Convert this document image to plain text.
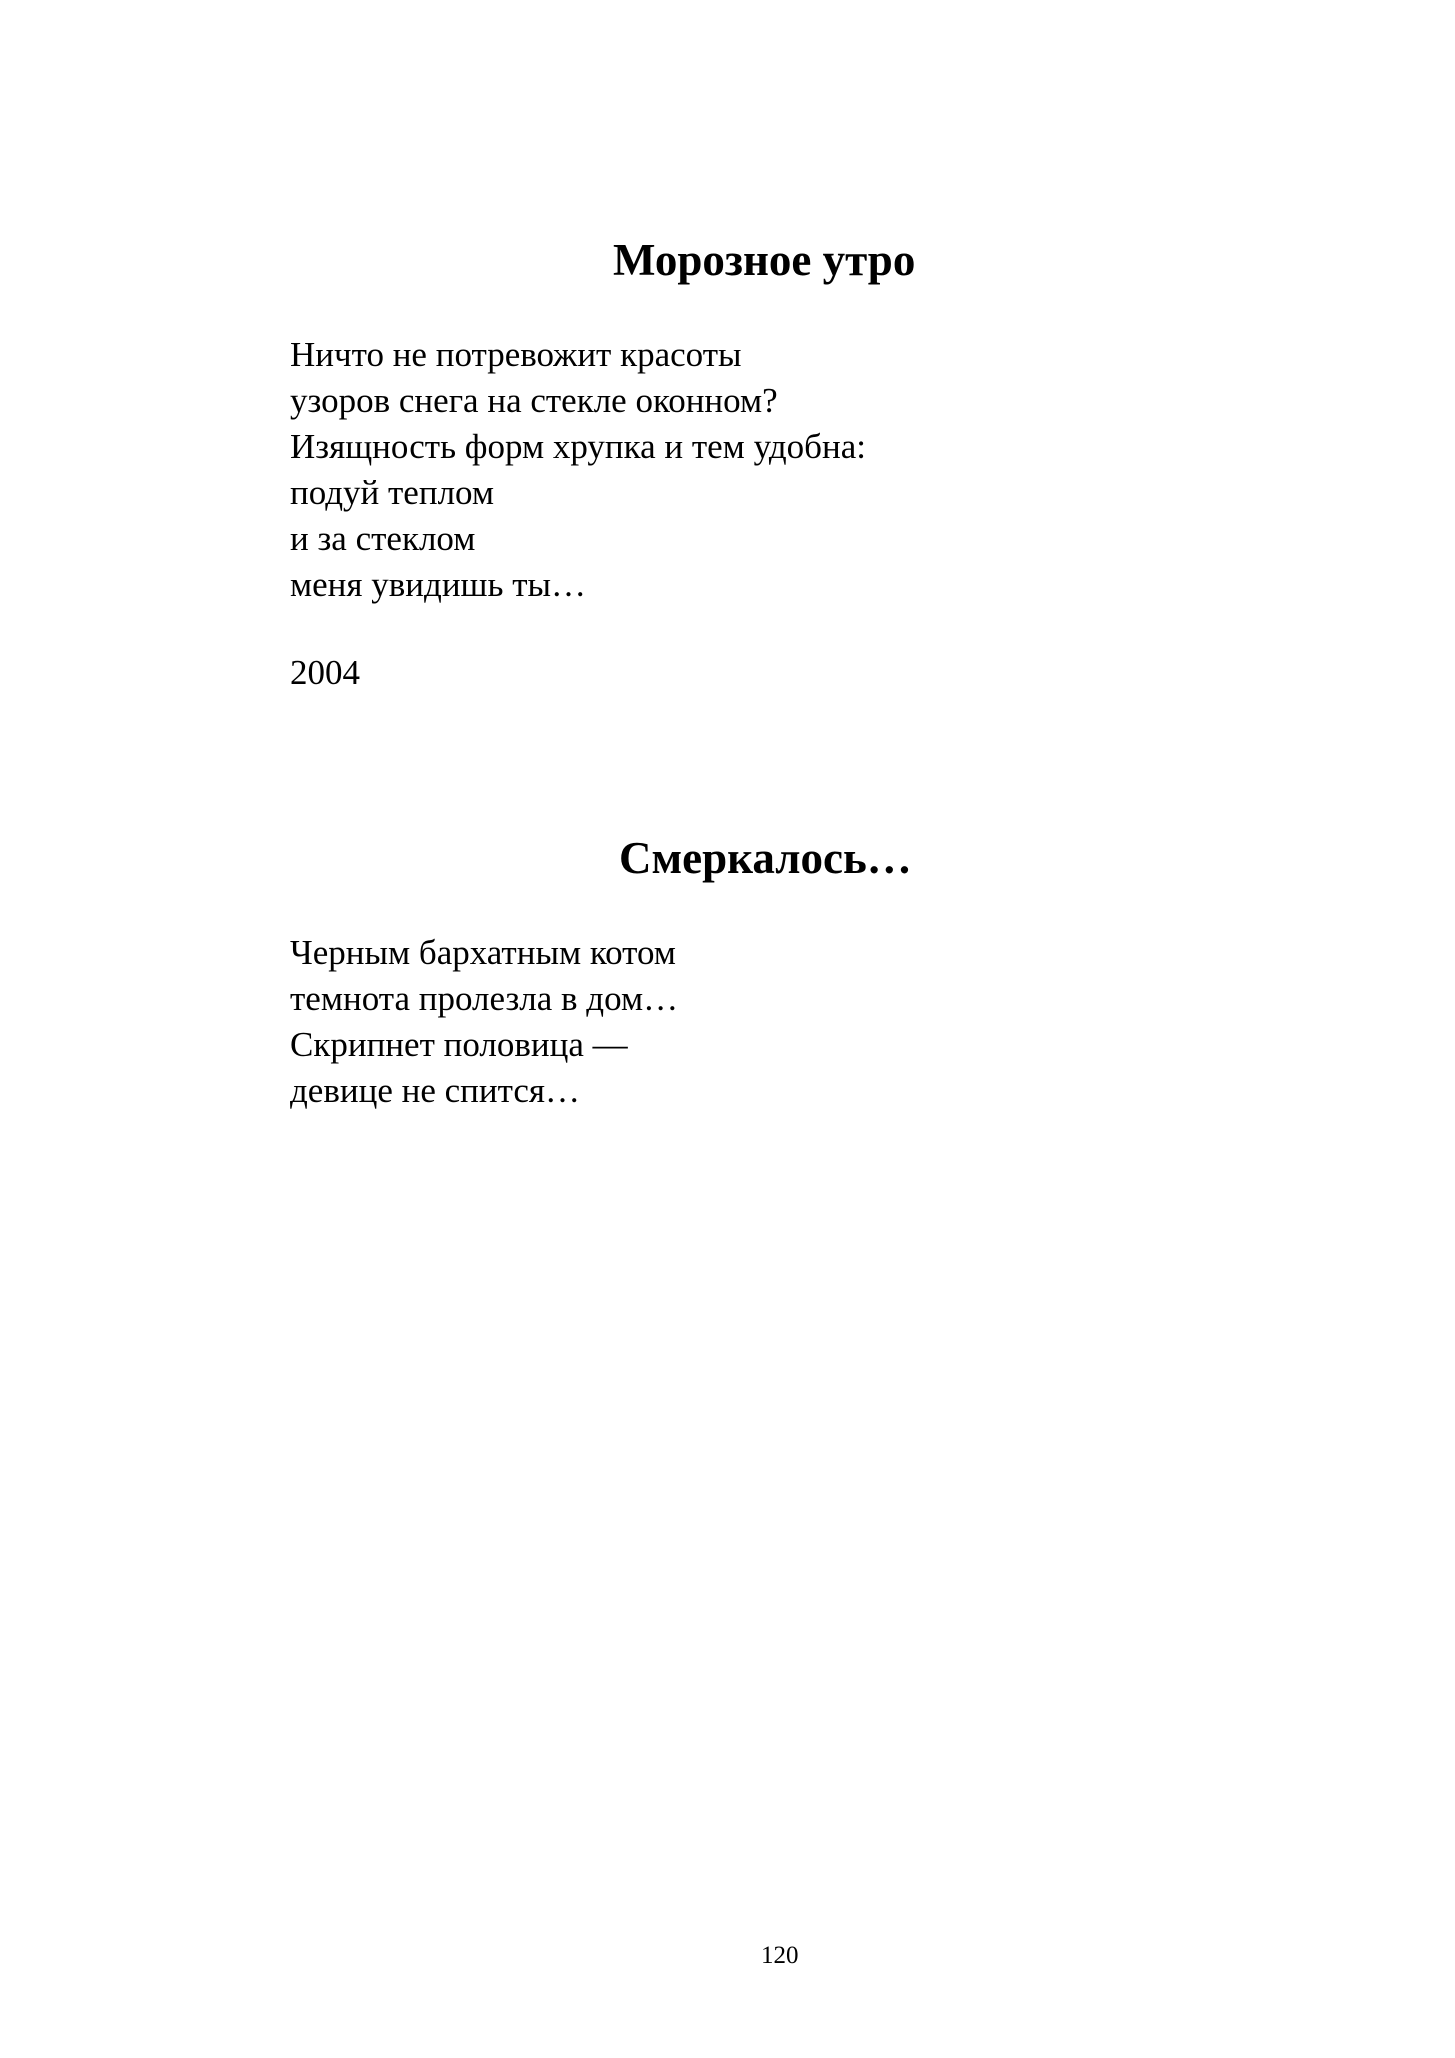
Морозное утро
Ничто не потревожит красоты
узоров снега на стекле оконном?
Изящность форм хрупка и тем удобна:
подуй теплом
и за стеклом
меня увидишь ты…
2004
Смеркалось…
Черным бархатным котом
темнота пролезла в дом…
Скрипнет половица —
девице не спится…
120
